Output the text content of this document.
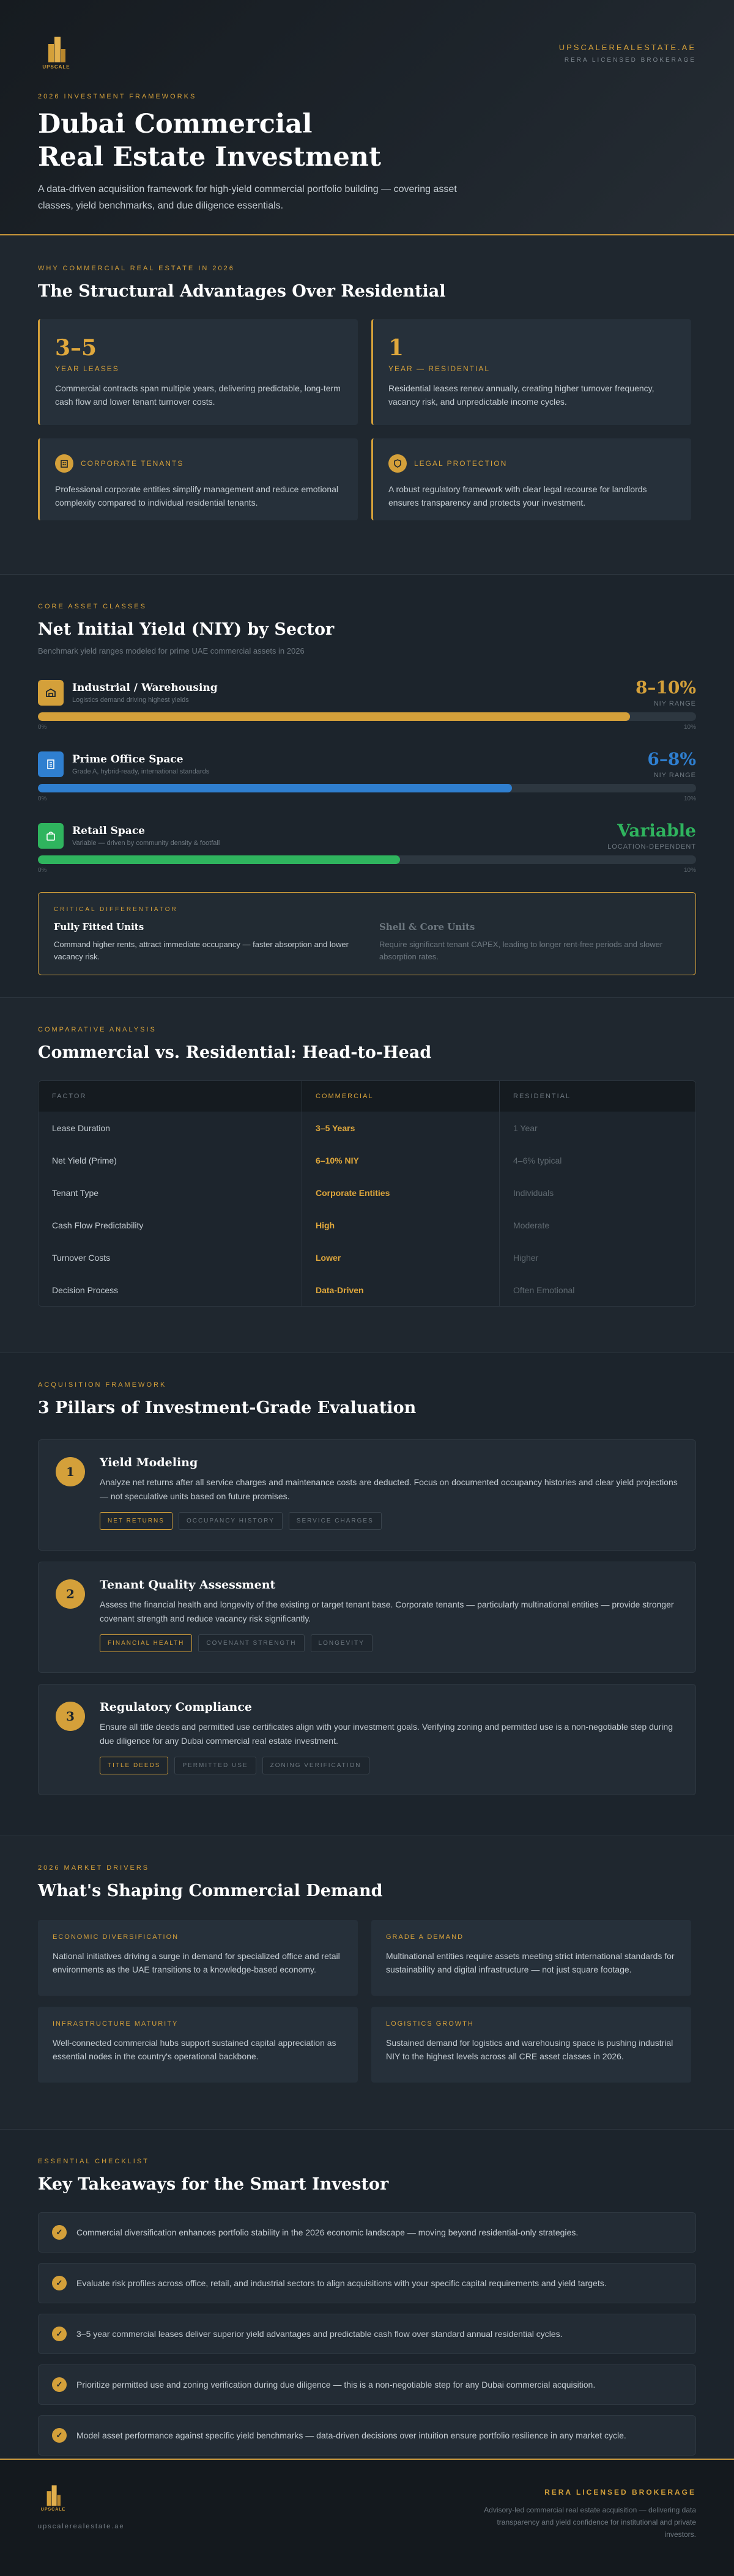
UPSCALE
UPSCALEREALESTATE.AE
RERA LICENSED BROKERAGE
2026 INVESTMENT FRAMEWORKS
Dubai Commercial
Real Estate Investment

A data-driven acquisition framework for high-yield commercial portfolio building — covering asset classes, yield benchmarks, and due diligence essentials.

WHY COMMERCIAL REAL ESTATE IN 2026
The Structural Advantages Over Residential
3–5
YEAR LEASES
Commercial contracts span multiple years, delivering predictable, long-term cash flow and lower tenant turnover costs.
1
YEAR — RESIDENTIAL
Residential leases renew annually, creating higher turnover frequency, vacancy risk, and unpredictable income cycles.
CORPORATE TENANTS
Professional corporate entities simplify management and reduce emotional complexity compared to individual residential tenants.
LEGAL PROTECTION
A robust regulatory framework with clear legal recourse for landlords ensures transparency and protects your investment.
CORE ASSET CLASSES
Net Initial Yield (NIY) by Sector
Benchmark yield ranges modeled for prime UAE commercial assets in 2026
Industrial / Warehousing
Logistics demand driving highest yields
8–10%
NIY RANGE
0%	10%
Prime Office Space
Grade A, hybrid-ready, international standards
6–8%
NIY RANGE
0%	10%
Retail Space
Variable — driven by community density & footfall
Variable
LOCATION-DEPENDENT
0%	10%
CRITICAL DIFFERENTIATOR
Fully Fitted Units

Command higher rents, attract immediate occupancy — faster absorption and lower vacancy risk.

Shell & Core Units

Require significant tenant CAPEX, leading to longer rent-free periods and slower absorption rates.

COMPARATIVE ANALYSIS
Commercial vs. Residential: Head-to-Head
FACTOR	COMMERCIAL	RESIDENTIAL
Lease Duration	3–5 Years	1 Year
Net Yield (Prime)	6–10% NIY	4–6% typical
Tenant Type	Corporate Entities	Individuals
Cash Flow Predictability	High	Moderate
Turnover Costs	Lower	Higher
Decision Process	Data-Driven	Often Emotional
ACQUISITION FRAMEWORK
3 Pillars of Investment-Grade Evaluation
1
Yield Modeling

Analyze net returns after all service charges and maintenance costs are deducted. Focus on documented occupancy histories and clear yield projections — not speculative units based on future promises.

NET RETURNS	OCCUPANCY HISTORY	SERVICE CHARGES
2
Tenant Quality Assessment

Assess the financial health and longevity of the existing or target tenant base. Corporate tenants — particularly multinational entities — provide stronger covenant strength and reduce vacancy risk significantly.

FINANCIAL HEALTH	COVENANT STRENGTH	LONGEVITY
3
Regulatory Compliance

Ensure all title deeds and permitted use certificates align with your investment goals. Verifying zoning and permitted use is a non-negotiable step during due diligence for any Dubai commercial real estate investment.

TITLE DEEDS	PERMITTED USE	ZONING VERIFICATION
2026 MARKET DRIVERS
What's Shaping Commercial Demand
ECONOMIC DIVERSIFICATION

National initiatives driving a surge in demand for specialized office and retail environments as the UAE transitions to a knowledge-based economy.

GRADE A DEMAND

Multinational entities require assets meeting strict international standards for sustainability and digital infrastructure — not just square footage.

INFRASTRUCTURE MATURITY

Well-connected commercial hubs support sustained capital appreciation as essential nodes in the country's operational backbone.

LOGISTICS GROWTH

Sustained demand for logistics and warehousing space is pushing industrial NIY to the highest levels across all CRE asset classes in 2026.

ESSENTIAL CHECKLIST
Key Takeaways for the Smart Investor
✓	Commercial diversification enhances portfolio stability in the 2026 economic landscape — moving beyond residential-only strategies.
✓	Evaluate risk profiles across office, retail, and industrial sectors to align acquisitions with your specific capital requirements and yield targets.
✓	3–5 year commercial leases deliver superior yield advantages and predictable cash flow over standard annual residential cycles.
✓	Prioritize permitted use and zoning verification during due diligence — this is a non-negotiable step for any Dubai commercial acquisition.
✓	Model asset performance against specific yield benchmarks — data-driven decisions over intuition ensure portfolio resilience in any market cycle.
UPSCALE
upscalerealestate.ae
RERA LICENSED BROKERAGE

Advisory-led commercial real estate acquisition — delivering data transparency and yield confidence for institutional and private investors.
